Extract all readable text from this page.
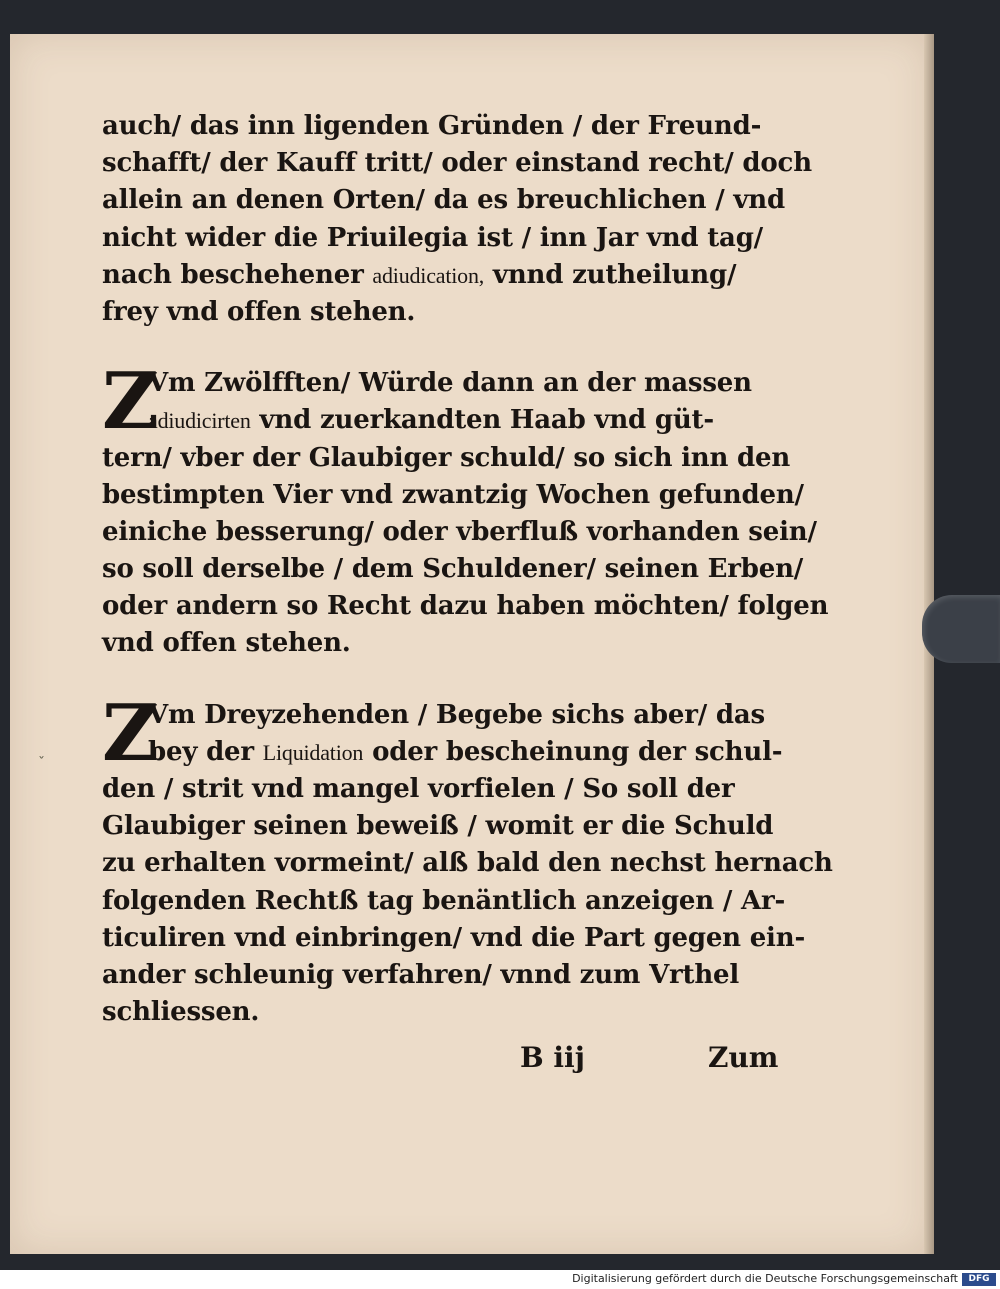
ˇ
auch/ das inn ligenden Gründen / der Freund-
schafft/ der Kauff tritt/ oder einstand recht/ doch
allein an denen Orten/ da es breuchlichen / vnd
nicht wider die Priuilegia ist / inn Jar vnd tag/
nach beschehener adiudication, vnnd zutheilung/
frey vnd offen stehen.
Z
Vm Zwölfften/ Würde dann an der massen
adiudicirten vnd zuerkandten Haab vnd güt-
tern/ vber der Glaubiger schuld/ so sich inn den
bestimpten Vier vnd zwantzig Wochen gefunden/
einiche besserung/ oder vberfluß vorhanden sein/
so soll derselbe / dem Schuldener/ seinen Erben/
oder andern so Recht dazu haben möchten/ folgen
vnd offen stehen.
Z
Vm Dreyzehenden / Begebe sichs aber/ das
bey der Liquidation oder bescheinung der schul-
den / strit vnd mangel vorfielen / So soll der
Glaubiger seinen beweiß / womit er die Schuld
zu erhalten vormeint/ alß bald den nechst hernach
folgenden Rechtß tag benäntlich anzeigen / Ar-
ticuliren vnd einbringen/ vnd die Part gegen ein-
ander schleunig verfahren/ vnnd zum Vrthel
schliessen.
B iij	Zum
Digitalisierung gefördert durch die Deutsche Forschungsgemeinschaft	DFG
